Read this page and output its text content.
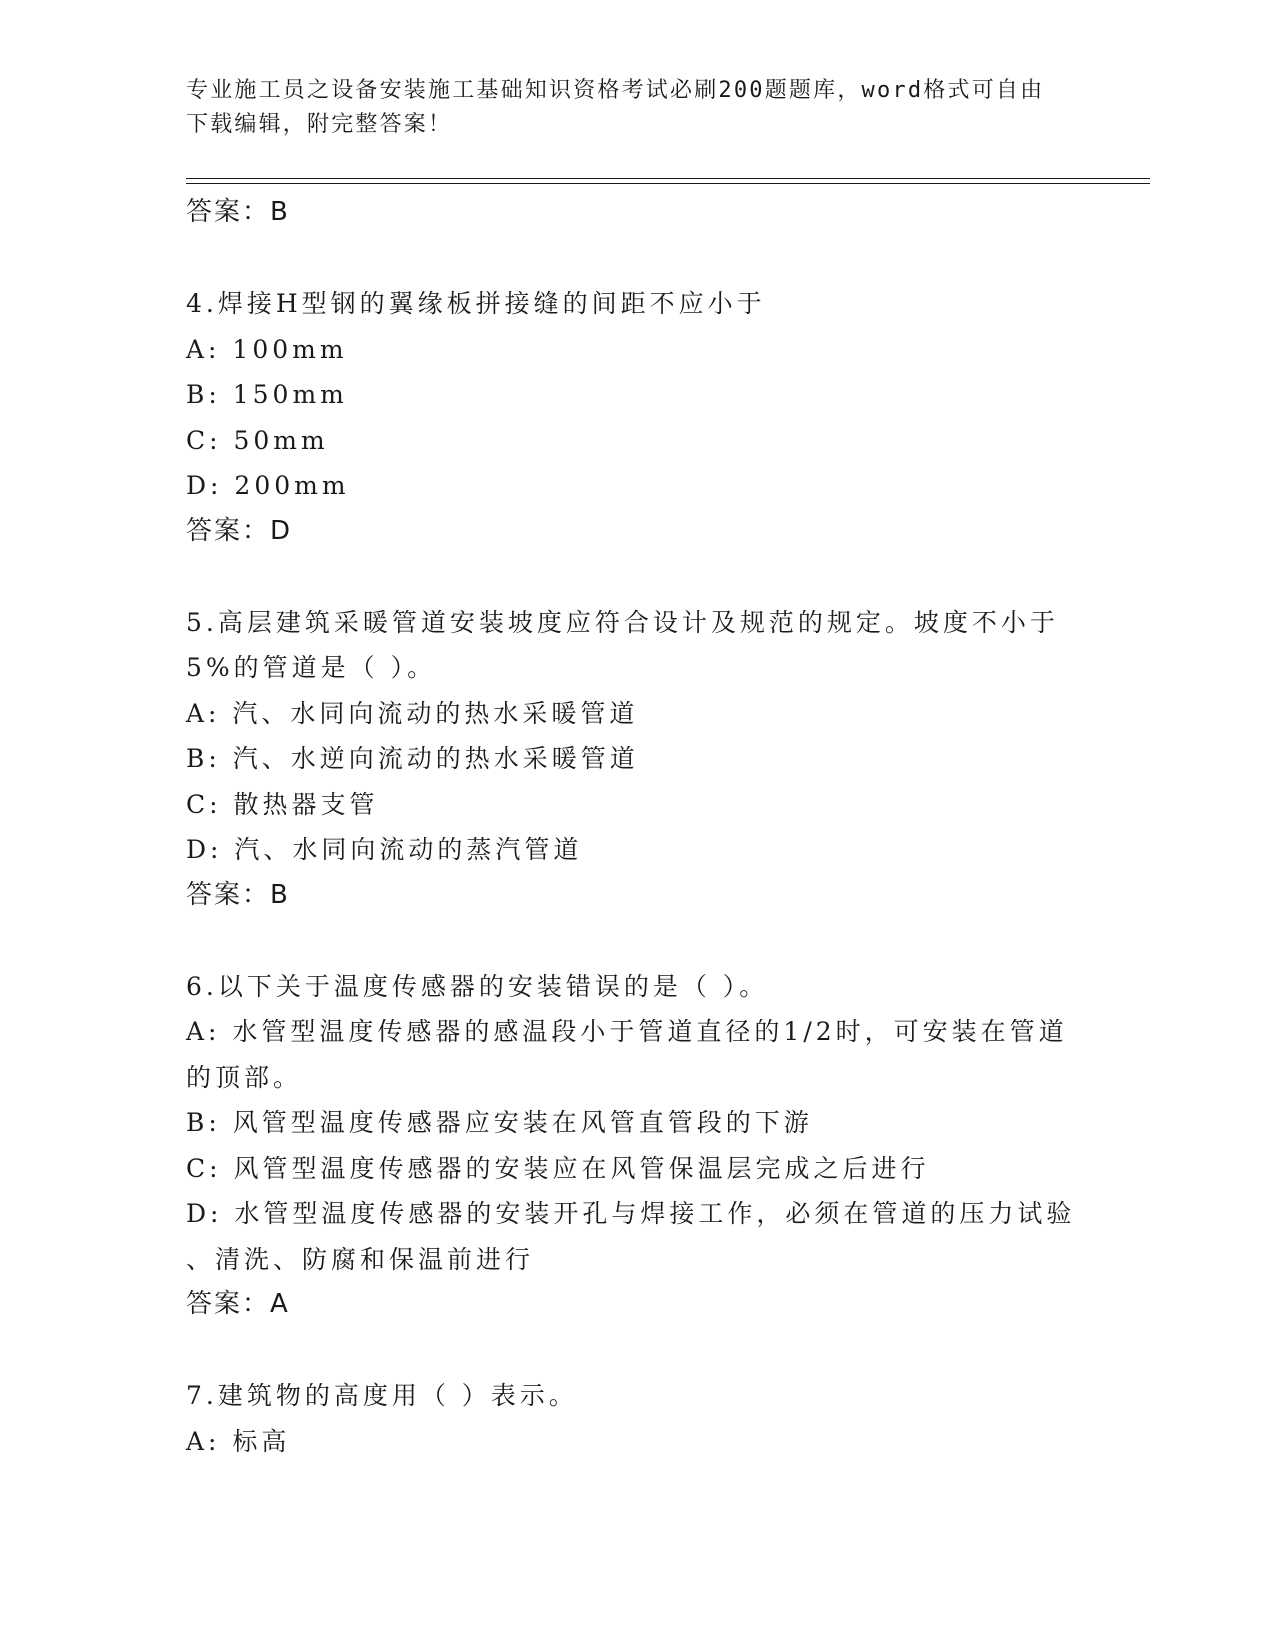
专业施工员之设备安装施工基础知识资格考试必刷200题题库，word格式可自由
下载编辑，附完整答案！
答案：B
4.焊接H型钢的翼缘板拼接缝的间距不应小于
A: 100mm
B: 150mm
C: 50mm
D: 200mm
答案：D
5.高层建筑采暖管道安装坡度应符合设计及规范的规定。坡度不小于
5%的管道是（ ）。
A: 汽、水同向流动的热水采暖管道
B: 汽、水逆向流动的热水采暖管道
C: 散热器支管
D: 汽、水同向流动的蒸汽管道
答案：B
6.以下关于温度传感器的安装错误的是（ ）。
A: 水管型温度传感器的感温段小于管道直径的1/2时，可安装在管道
的顶部。
B: 风管型温度传感器应安装在风管直管段的下游
C: 风管型温度传感器的安装应在风管保温层完成之后进行
D: 水管型温度传感器的安装开孔与焊接工作，必须在管道的压力试验
、清洗、防腐和保温前进行
答案：A
7.建筑物的高度用（ ）表示。
A: 标高
